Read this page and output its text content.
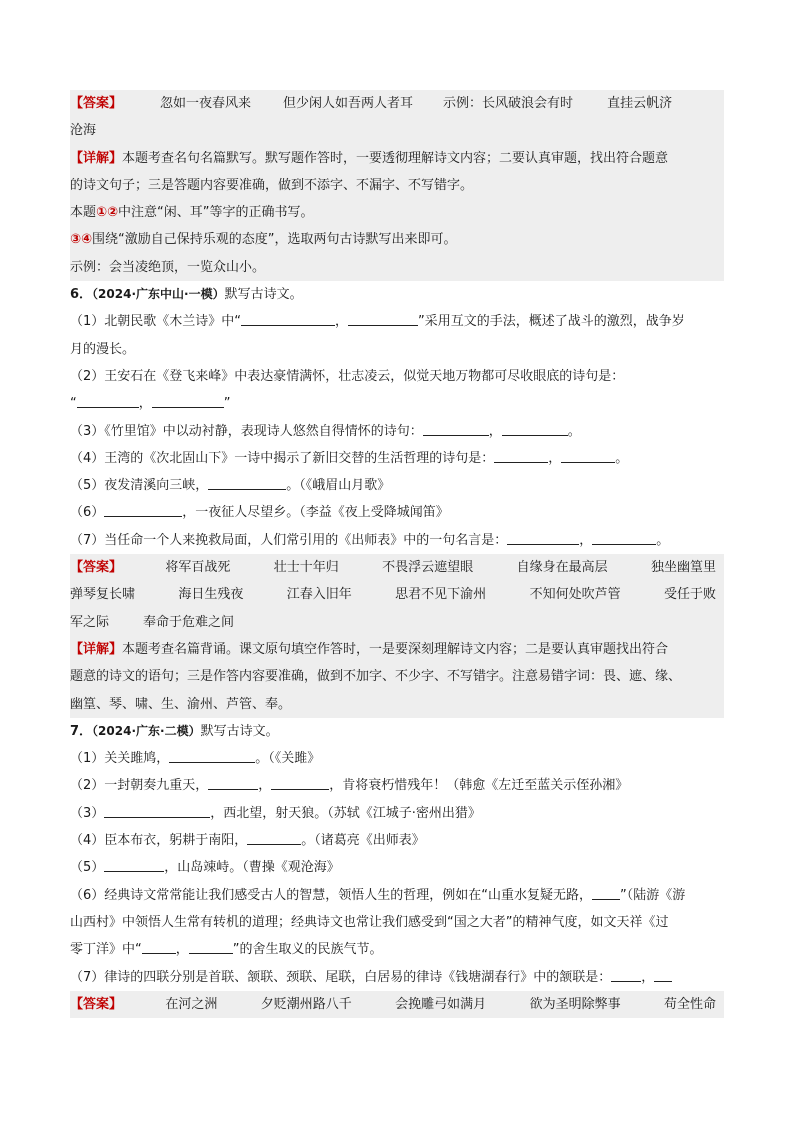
【答案】	忽如一夜春风来 但少闲人如吾两人者耳 示例：长风破浪会有时	直挂云帆济
沧海
【详解】本题考查名句名篇默写。默写题作答时，一要透彻理解诗文内容；二要认真审题，找出符合题意
的诗文句子；三是答题内容要准确，做到不添字、不漏字、不写错字。
本题①②中注意“闲、耳”等字的正确书写。
③④围绕“激励自己保持乐观的态度”，选取两句古诗默写出来即可。
示例：会当凌绝顶，一览众山小。
6．（2024·广东中山·一模）默写古诗文。
（1）北朝民歌《木兰诗》中“	，	”采用互文的手法，概述了战斗的激烈，战争岁
月的漫长。
（2）王安石在《登飞来峰》中表达豪情满怀，壮志凌云，似觉天地万物都可尽收眼底的诗句是：
“	，	”
（3）《竹里馆》中以动衬静，表现诗人悠然自得情怀的诗句：	，	。
（4）王湾的《次北固山下》一诗中揭示了新旧交替的生活哲理的诗句是：	，	。
（5）夜发清溪向三峡，	。（《峨眉山月歌》
（6）	，一夜征人尽望乡。（李益《夜上受降城闻笛》
（7）当任命一个人来挽救局面，人们常引用的《出师表》中的一句名言是：	，	。
【答案】	将军百战死	壮士十年归	不畏浮云遮望眼	自缘身在最高层	独坐幽篁里
弹琴复长啸	海日生残夜	江春入旧年	思君不见下渝州	不知何处吹芦管	受任于败
军之际	奉命于危难之间
【详解】本题考查名篇背诵。课文原句填空作答时，一是要深刻理解诗文内容；二是要认真审题找出符合
题意的诗文的语句；三是作答内容要准确，做到不加字、不少字、不写错字。注意易错字词：畏、遮、缘、
幽篁、琴、啸、生、渝州、芦管、奉。
7．（2024·广东·二模）默写古诗文。
（1）关关雎鸠，	。（《关雎》
（2）一封朝奏九重天，	，	，肯将衰朽惜残年！（韩愈《左迁至蓝关示侄孙湘》
（3）	，西北望，射天狼。（苏轼《江城子·密州出猎》
（4）臣本布衣，躬耕于南阳，	。（诸葛亮《出师表》
（5）	，山岛竦峙。（曹操《观沧海》
（6）经典诗文常常能让我们感受古人的智慧，领悟人生的哲理，例如在“山重水复疑无路， ”（陆游《游
山西村》中领悟人生常有转机的道理；经典诗文也常让我们感受到“国之大者”的精神气度，如文天祥《过
零丁洋》中“	，	”的舍生取义的民族气节。
（7）律诗的四联分别是首联、颔联、颈联、尾联，白居易的律诗《钱塘湖春行》中的颔联是： ，
【答案】	在河之洲	夕贬潮州路八千	会挽雕弓如满月	欲为圣明除弊事	苟全性命
